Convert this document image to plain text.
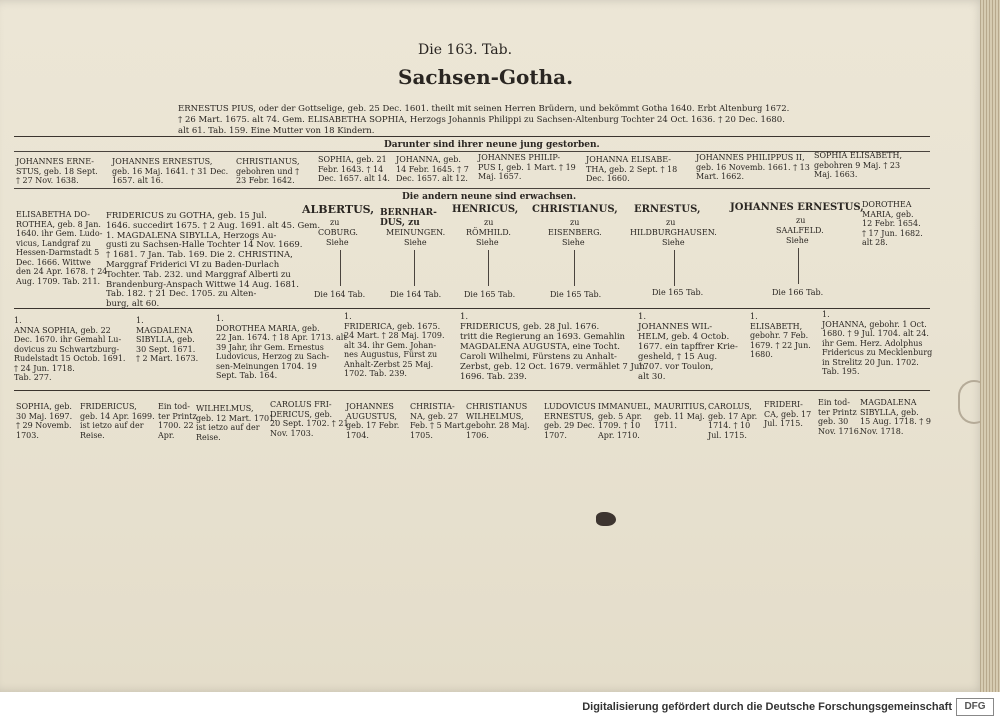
Die 163. Tab.
Sachsen-Gotha.
ERNESTUS PIUS, oder der Gottselige, geb. 25 Dec. 1601. theilt mit seinen Herren Brüdern, und bekömmt Gotha 1640. Erbt Altenburg 1672.
† 26 Mart. 1675. alt 74. Gem. ELISABETHA SOPHIA, Herzogs Johannis Philippi zu Sachsen-Altenburg Tochter 24 Oct. 1636. † 20 Dec. 1680.
alt 61. Tab. 159. Eine Mutter von 18 Kindern.
Darunter sind ihrer neune jung gestorben.
JOHANNES ERNE-
STUS, geb. 18 Sept.
† 27 Nov. 1638.
JOHANNES ERNESTUS,
geb. 16 Maj. 1641. † 31 Dec.
1657. alt 16.
CHRISTIANUS,
gebohren und †
23 Febr. 1642.
SOPHIA, geb. 21
Febr. 1643. † 14
Dec. 1657. alt 14.
JOHANNA, geb.
14 Febr. 1645. † 7
Dec. 1657. alt 12.
JOHANNES PHILIP-
PUS I, geb. 1 Mart. † 19
Maj. 1657.
JOHANNA ELISABE-
THA, geb. 2 Sept. † 18
Dec. 1660.
JOHANNES PHILIPPUS II,
geb. 16 Novemb. 1661. † 13
Mart. 1662.
SOPHIA ELISABETH,
gebohren 9 Maj. † 23
Maj. 1663.
Die andern neune sind erwachsen.
ELISABETHA DO-
ROTHEA, geb. 8 Jan.
1640. ihr Gem. Ludo-
vicus, Landgraf zu
Hessen-Darmstadt 5
Dec. 1666. Wittwe
den 24 Apr. 1678. † 24
Aug. 1709. Tab. 211.
FRIDERICUS zu GOTHA, geb. 15 Jul.
1646. succedirt 1675. † 2 Aug. 1691. alt 45. Gem.
1. MAGDALENA SIBYLLA, Herzogs Au-
gusti zu Sachsen-Halle Tochter 14 Nov. 1669.
† 1681. 7 Jan. Tab. 169. Die 2. CHRISTINA,
Marggraf Friderici VI zu Baden-Durlach
Tochter. Tab. 232. und Marggraf Alberti zu
Brandenburg-Anspach Wittwe 14 Aug. 1681.
Tab. 182. † 21 Dec. 1705. zu Alten-
burg, alt 60.
ALBERTUS,
zu
COBURG.
Siehe
Die 164 Tab.
BERNHAR-
DUS, zu
MEINUNGEN.
Siehe
Die 164 Tab.
HENRICUS,
zu
RÖMHILD.
Siehe
Die 165 Tab.
CHRISTIANUS,
zu
EISENBERG.
Siehe
Die 165 Tab.
ERNESTUS,
zu
HILDBURGHAUSEN.
Siehe
Die 165 Tab.
JOHANNES ERNESTUS,
zu
SAALFELD.
Siehe
Die 166 Tab.
DOROTHEA
MARIA, geb.
12 Febr. 1654.
† 17 Jun. 1682.
alt 28.
1.
ANNA SOPHIA, geb. 22
Dec. 1670. ihr Gemahl Lu-
dovicus zu Schwartzburg-
Rudelstadt 15 Octob. 1691.
† 24 Jun. 1718.
Tab. 277.
1.
MAGDALENA
SIBYLLA, geb.
30 Sept. 1671.
† 2 Mart. 1673.
1.
DOROTHEA MARIA, geb.
22 Jan. 1674. † 18 Apr. 1713. alt
39 Jahr, ihr Gem. Ernestus
Ludovicus, Herzog zu Sach-
sen-Meinungen 1704. 19
Sept. Tab. 164.
1.
FRIDERICA, geb. 1675.
24 Mart. † 28 Maj. 1709.
alt 34. ihr Gem. Johan-
nes Augustus, Fürst zu
Anhalt-Zerbst 25 Maj.
1702. Tab. 239.
1.
FRIDERICUS, geb. 28 Jul. 1676.
tritt die Regierung an 1693. Gemahlin
MAGDALENA AUGUSTA, eine Tocht.
Caroli Wilhelmi, Fürstens zu Anhalt-
Zerbst, geb. 12 Oct. 1679. vermählet 7 Jun.
1696. Tab. 239.
1.
JOHANNES WIL-
HELM, geb. 4 Octob.
1677. ein tapffrer Krie-
gesheld, † 15 Aug.
1707. vor Toulon,
alt 30.
1.
ELISABETH,
gebohr. 7 Feb.
1679. † 22 Jun.
1680.
1.
JOHANNA, gebohr. 1 Oct.
1680. † 9 Jul. 1704. alt 24.
ihr Gem. Herz. Adolphus
Fridericus zu Mecklenburg
in Strelitz 20 Jun. 1702.
Tab. 195.
SOPHIA, geb.
30 Maj. 1697.
† 29 Novemb.
1703.
FRIDERICUS,
geb. 14 Apr. 1699.
ist ietzo auf der
Reise.
Ein tod-
ter Printz
1700. 22
Apr.
WILHELMUS,
geb. 12 Mart. 1701.
ist ietzo auf der
Reise.
CAROLUS FRI-
DERICUS, geb.
20 Sept. 1702. † 21
Nov. 1703.
JOHANNES
AUGUSTUS,
geb. 17 Febr.
1704.
CHRISTIA-
NA, geb. 27
Feb. † 5 Mart.
1705.
CHRISTIANUS
WILHELMUS,
gebohr. 28 Maj.
1706.
LUDOVICUS
ERNESTUS,
geb. 29 Dec.
1707.
IMMANUEL,
geb. 5 Apr.
1709. † 10
Apr. 1710.
MAURITIUS,
geb. 11 Maj.
1711.
CAROLUS,
geb. 17 Apr.
1714. † 10
Jul. 1715.
FRIDERI-
CA, geb. 17
Jul. 1715.
Ein tod-
ter Printz
geb. 30
Nov. 1716.
MAGDALENA
SIBYLLA, geb.
15 Aug. 1718. † 9
Nov. 1718.
Digitalisierung gefördert durch die Deutsche Forschungsgemeinschaft	DFG
